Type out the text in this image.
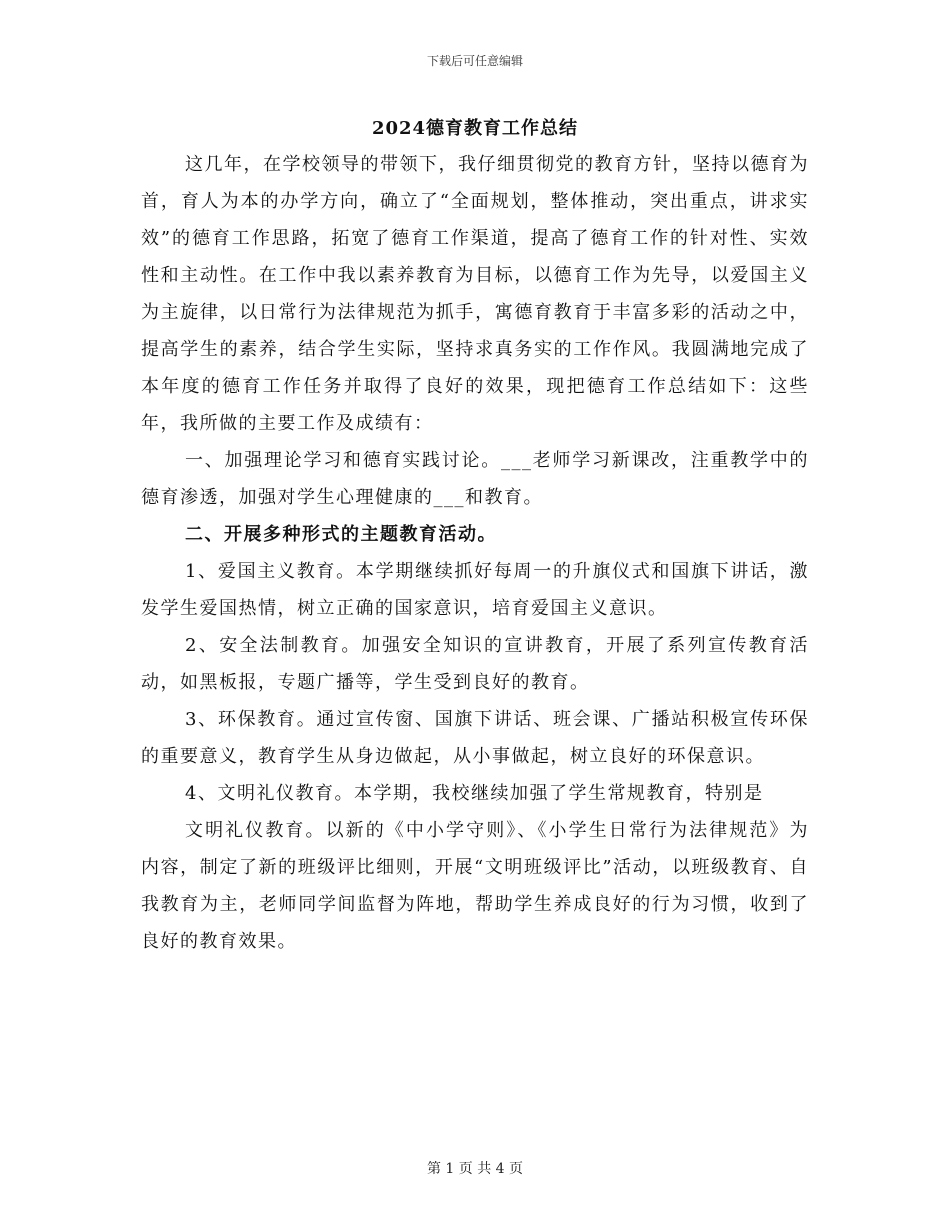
下载后可任意编辑
2024德育教育工作总结

这几年，在学校领导的带领下，我仔细贯彻党的教育方针，坚持以德育为首，育人为本的办学方向，确立了“全面规划，整体推动，突出重点，讲求实效”的德育工作思路，拓宽了德育工作渠道，提高了德育工作的针对性、实效性和主动性。在工作中我以素养教育为目标，以德育工作为先导，以爱国主义为主旋律，以日常行为法律规范为抓手，寓德育教育于丰富多彩的活动之中，提高学生的素养，结合学生实际，坚持求真务实的工作作风。我圆满地完成了本年度的德育工作任务并取得了良好的效果，现把德育工作总结如下：这些年，我所做的主要工作及成绩有：

一、加强理论学习和德育实践讨论。___老师学习新课改，注重教学中的德育渗透，加强对学生心理健康的___和教育。

二、开展多种形式的主题教育活动。

1、爱国主义教育。本学期继续抓好每周一的升旗仪式和国旗下讲话，激发学生爱国热情，树立正确的国家意识，培育爱国主义意识。

2、安全法制教育。加强安全知识的宣讲教育，开展了系列宣传教育活动，如黑板报，专题广播等，学生受到良好的教育。

3、环保教育。通过宣传窗、国旗下讲话、班会课、广播站积极宣传环保的重要意义，教育学生从身边做起，从小事做起，树立良好的环保意识。

4、文明礼仪教育。本学期，我校继续加强了学生常规教育，特别是

文明礼仪教育。以新的《中小学守则》、《小学生日常行为法律规范》为内容，制定了新的班级评比细则，开展“文明班级评比”活动，以班级教育、自我教育为主，老师同学间监督为阵地，帮助学生养成良好的行为习惯，收到了良好的教育效果。

第 1 页 共 4 页
